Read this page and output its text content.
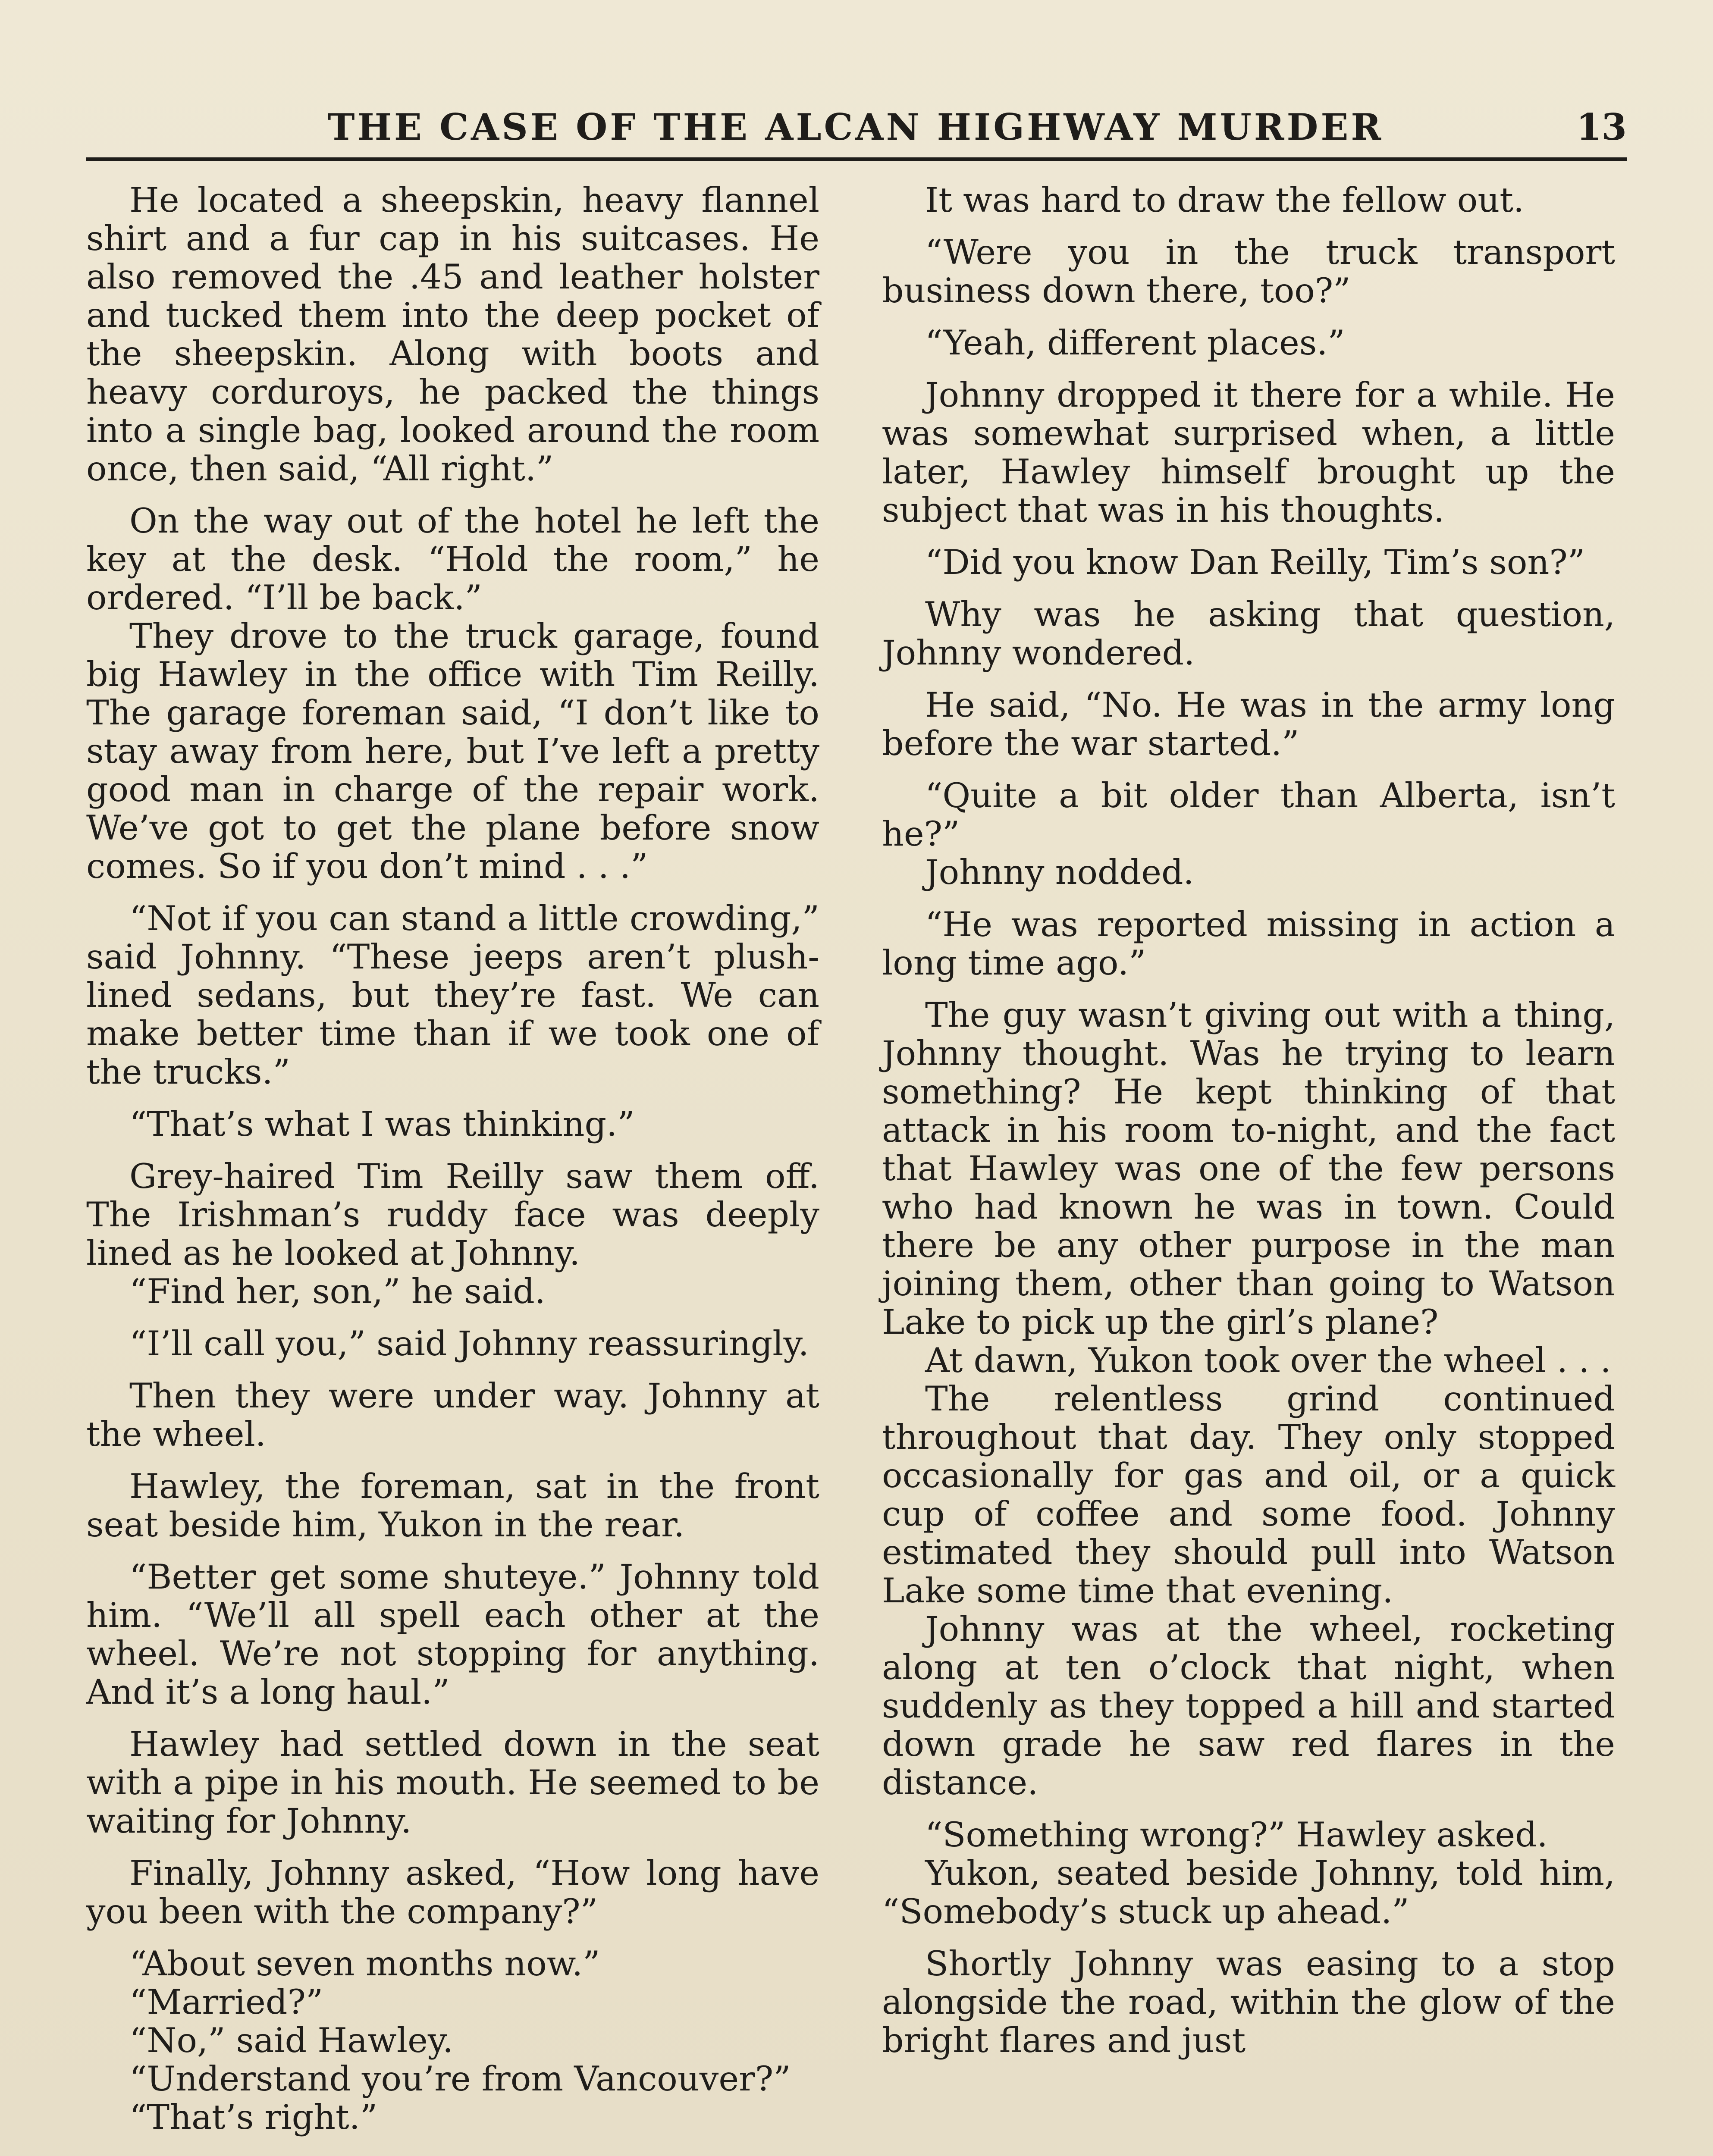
THE CASE OF THE ALCAN HIGHWAY MURDER	13

He located a sheepskin, heavy flannel shirt and a fur cap in his suitcases. He also removed the .45 and leather holster and tucked them into the deep pocket of the sheepskin. Along with boots and heavy corduroys, he packed the things into a single bag, looked around the room once, then said, “All right.”

On the way out of the hotel he left the key at the desk. “Hold the room,” he ordered. “I’ll be back.”

They drove to the truck garage, found big Hawley in the office with Tim Reilly. The garage foreman said, “I don’t like to stay away from here, but I’ve left a pretty good man in charge of the repair work. We’ve got to get the plane before snow comes. So if you don’t mind . . .”

“Not if you can stand a little crowding,” said Johnny. “These jeeps aren’t plush-lined sedans, but they’re fast. We can make better time than if we took one of the trucks.”

“That’s what I was thinking.”

Grey-haired Tim Reilly saw them off. The Irishman’s ruddy face was deeply lined as he looked at Johnny.

“Find her, son,” he said.

“I’ll call you,” said Johnny reassuringly.

Then they were under way. Johnny at the wheel.

Hawley, the foreman, sat in the front seat beside him, Yukon in the rear.

“Better get some shuteye.” Johnny told him. “We’ll all spell each other at the wheel. We’re not stopping for anything. And it’s a long haul.”

Hawley had settled down in the seat with a pipe in his mouth. He seemed to be waiting for Johnny.

Finally, Johnny asked, “How long have you been with the company?”

“About seven months now.”

“Married?”

“No,” said Hawley.

“Understand you’re from Vancouver?”

“That’s right.”

It was hard to draw the fellow out.

“Were you in the truck transport business down there, too?”

“Yeah, different places.”

Johnny dropped it there for a while. He was somewhat surprised when, a little later, Hawley himself brought up the subject that was in his thoughts.

“Did you know Dan Reilly, Tim’s son?”

Why was he asking that question, Johnny wondered.

He said, “No. He was in the army long before the war started.”

“Quite a bit older than Alberta, isn’t he?”

Johnny nodded.

“He was reported missing in action a long time ago.”

The guy wasn’t giving out with a thing, Johnny thought. Was he trying to learn something? He kept thinking of that attack in his room to-night, and the fact that Hawley was one of the few persons who had known he was in town. Could there be any other purpose in the man joining them, other than going to Watson Lake to pick up the girl’s plane?

At dawn, Yukon took over the wheel . . .

The relentless grind continued throughout that day. They only stopped occasionally for gas and oil, or a quick cup of coffee and some food. Johnny estimated they should pull into Watson Lake some time that evening.

Johnny was at the wheel, rocketing along at ten o’clock that night, when suddenly as they topped a hill and started down grade he saw red flares in the distance.

“Something wrong?” Hawley asked.

Yukon, seated beside Johnny, told him, “Somebody’s stuck up ahead.”

Shortly Johnny was easing to a stop alongside the road, within the glow of the bright flares and just
